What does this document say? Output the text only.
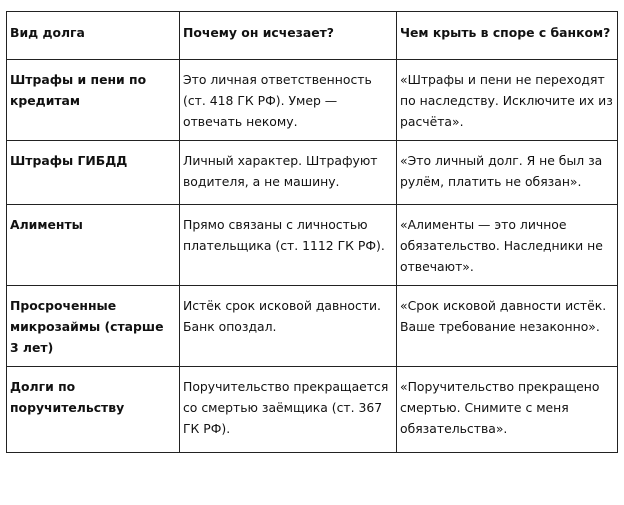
Вид долга	Почему он исчезает?	Чем крыть в споре с банком?
Штрафы и пени по кредитам	Это личная ответственность (ст. 418 ГК РФ). Умер — отвечать некому.	«Штрафы и пени не переходят по наследству. Исключите их из расчёта».
Штрафы ГИБДД	Личный характер. Штрафуют водителя, а не машину.	«Это личный долг. Я не был за рулём, платить не обязан».
Алименты	Прямо связаны с личностью плательщика (ст. 1112 ГК РФ).	«Алименты — это личное обязательство. Наследники не отвечают».
Просроченные микрозаймы (старше 3 лет)	Истёк срок исковой давности. Банк опоздал.	«Срок исковой давности истёк. Ваше требование незаконно».
Долги по поручительству	Поручительство прекращается со смертью заёмщика (ст. 367 ГК РФ).	«Поручительство прекращено смертью. Снимите с меня обязательства».
